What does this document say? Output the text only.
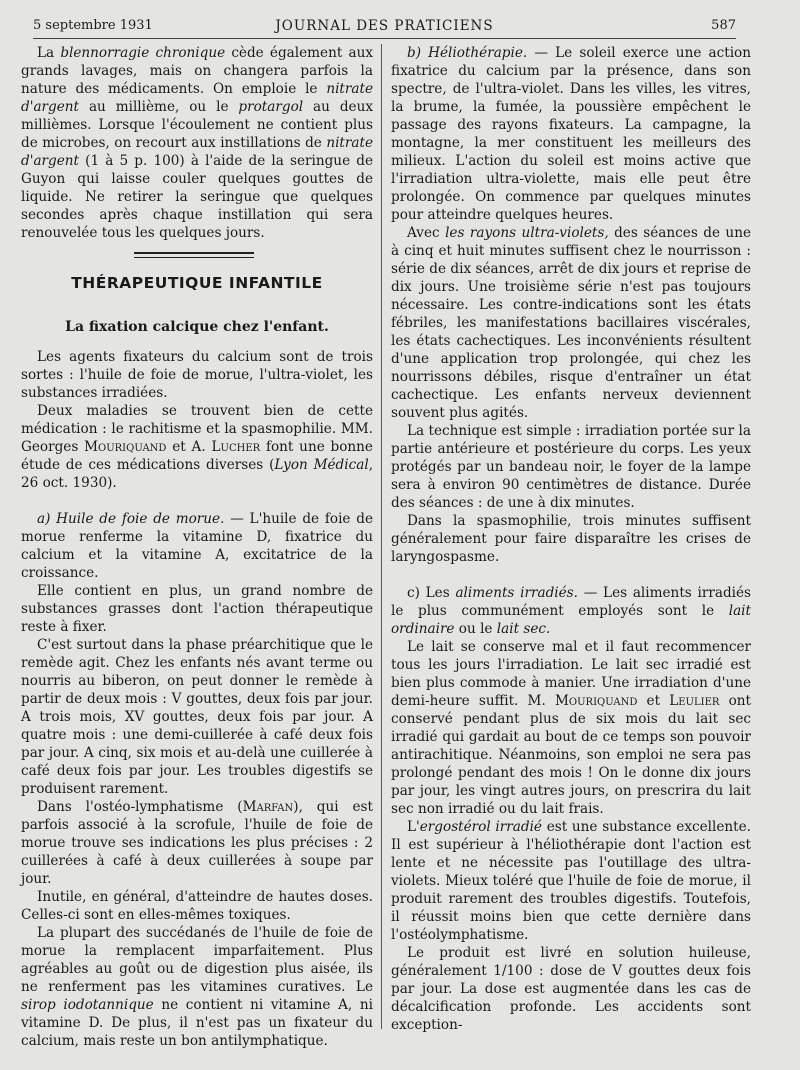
5 septembre 1931	JOURNAL DES PRATICIENS	587

La blennorragie chronique cède également aux grands lavages, mais on changera parfois la nature des médicaments. On emploie le nitrate d'argent au millième, ou le protargol au deux millièmes. Lorsque l'écoulement ne contient plus de microbes, on recourt aux instillations de nitrate d'argent (1 à 5 p. 100) à l'aide de la seringue de Guyon qui laisse couler quelques gouttes de liquide. Ne retirer la seringue que quelques secondes après chaque instillation qui sera renouvelée tous les quelques jours.

THÉRAPEUTIQUE INFANTILE
La fixation calcique chez l'enfant.

Les agents fixateurs du calcium sont de trois sortes : l'huile de foie de morue, l'ultra-violet, les substances irradiées.

Deux maladies se trouvent bien de cette médication : le rachitisme et la spasmophilie. MM. Georges Mouriquand et A. Lucher font une bonne étude de ces médications diverses (Lyon Médical, 26 oct. 1930).

a) Huile de foie de morue. — L'huile de foie de morue renferme la vitamine D, fixatrice du calcium et la vitamine A, excitatrice de la croissance.

Elle contient en plus, un grand nombre de substances grasses dont l'action thérapeutique reste à fixer.

C'est surtout dans la phase préarchitique que le remède agit. Chez les enfants nés avant terme ou nourris au biberon, on peut donner le remède à partir de deux mois : V gouttes, deux fois par jour. A trois mois, XV gouttes, deux fois par jour. A quatre mois : une demi-cuillerée à café deux fois par jour. A cinq, six mois et au-delà une cuillerée à café deux fois par jour. Les troubles digestifs se produisent rarement.

Dans l'ostéo-lymphatisme (Marfan), qui est parfois associé à la scrofule, l'huile de foie de morue trouve ses indications les plus précises : 2 cuillerées à café à deux cuillerées à soupe par jour.

Inutile, en général, d'atteindre de hautes doses. Celles-ci sont en elles-mêmes toxiques.

La plupart des succédanés de l'huile de foie de morue la remplacent imparfaitement. Plus agréables au goût ou de digestion plus aisée, ils ne renferment pas les vitamines curatives. Le sirop iodotannique ne contient ni vitamine A, ni vitamine D. De plus, il n'est pas un fixateur du calcium, mais reste un bon antilymphatique.

b) Héliothérapie. — Le soleil exerce une action fixatrice du calcium par la présence, dans son spectre, de l'ultra-violet. Dans les villes, les vitres, la brume, la fumée, la poussière empêchent le passage des rayons fixateurs. La campagne, la montagne, la mer constituent les meilleurs des milieux. L'action du soleil est moins active que l'irradiation ultra-violette, mais elle peut être prolongée. On commence par quelques minutes pour atteindre quelques heures.

Avec les rayons ultra-violets, des séances de une à cinq et huit minutes suffisent chez le nourrisson : série de dix séances, arrêt de dix jours et reprise de dix jours. Une troisième série n'est pas toujours nécessaire. Les contre-indications sont les états fébriles, les manifestations bacillaires viscérales, les états cachectiques. Les inconvénients résultent d'une application trop prolongée, qui chez les nourrissons débiles, risque d'entraîner un état cachectique. Les enfants nerveux deviennent souvent plus agités.

La technique est simple : irradiation portée sur la partie antérieure et postérieure du corps. Les yeux protégés par un bandeau noir, le foyer de la lampe sera à environ 90 centimètres de distance. Durée des séances : de une à dix minutes.

Dans la spasmophilie, trois minutes suffisent généralement pour faire disparaître les crises de laryngospasme.

c) Les aliments irradiés. — Les aliments irradiés le plus communément employés sont le lait ordinaire ou le lait sec.

Le lait se conserve mal et il faut recommencer tous les jours l'irradiation. Le lait sec irradié est bien plus commode à manier. Une irradiation d'une demi-heure suffit. M. Mouriquand et Leulier ont conservé pendant plus de six mois du lait sec irradié qui gardait au bout de ce temps son pouvoir antirachitique. Néanmoins, son emploi ne sera pas prolongé pendant des mois ! On le donne dix jours par jour, les vingt autres jours, on prescrira du lait sec non irradié ou du lait frais.

L'ergostérol irradié est une substance excellente. Il est supérieur à l'héliothérapie dont l'action est lente et ne nécessite pas l'outillage des ultra-violets. Mieux toléré que l'huile de foie de morue, il produit rarement des troubles digestifs. Toutefois, il réussit moins bien que cette dernière dans l'ostéolymphatisme.

Le produit est livré en solution huileuse, généralement 1/100 : dose de V gouttes deux fois par jour. La dose est augmentée dans les cas de décalcification profonde. Les accidents sont exception-
